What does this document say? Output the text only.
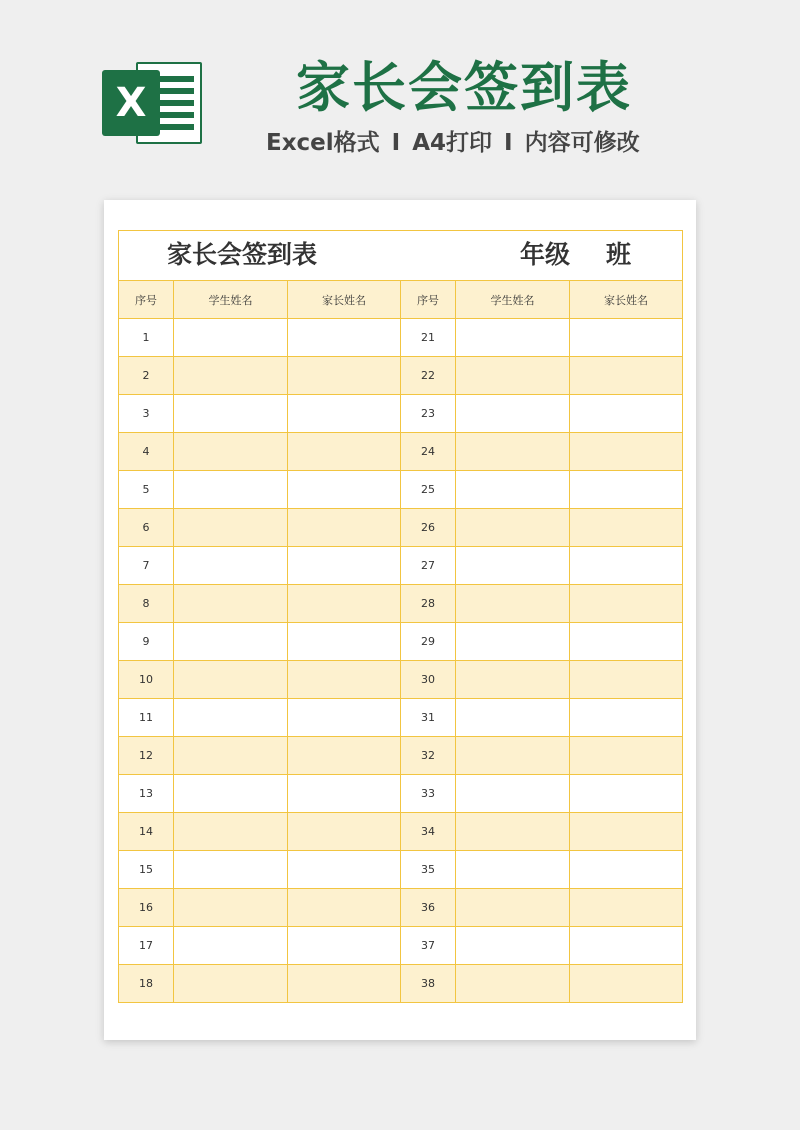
X	家长会签到表
Excel格式 I A4打印 I 内容可修改
家长会签到表 年级 班					

序号	学生姓名	家长姓名	序号	学生姓名	家长姓名
1			21		
2			22		
3			23		
4			24		
5			25		
6			26		
7			27		
8			28		
9			29		
10			30		
11			31		
12			32		
13			33		
14			34		
15			35		
16			36		
17			37		
18			38		
